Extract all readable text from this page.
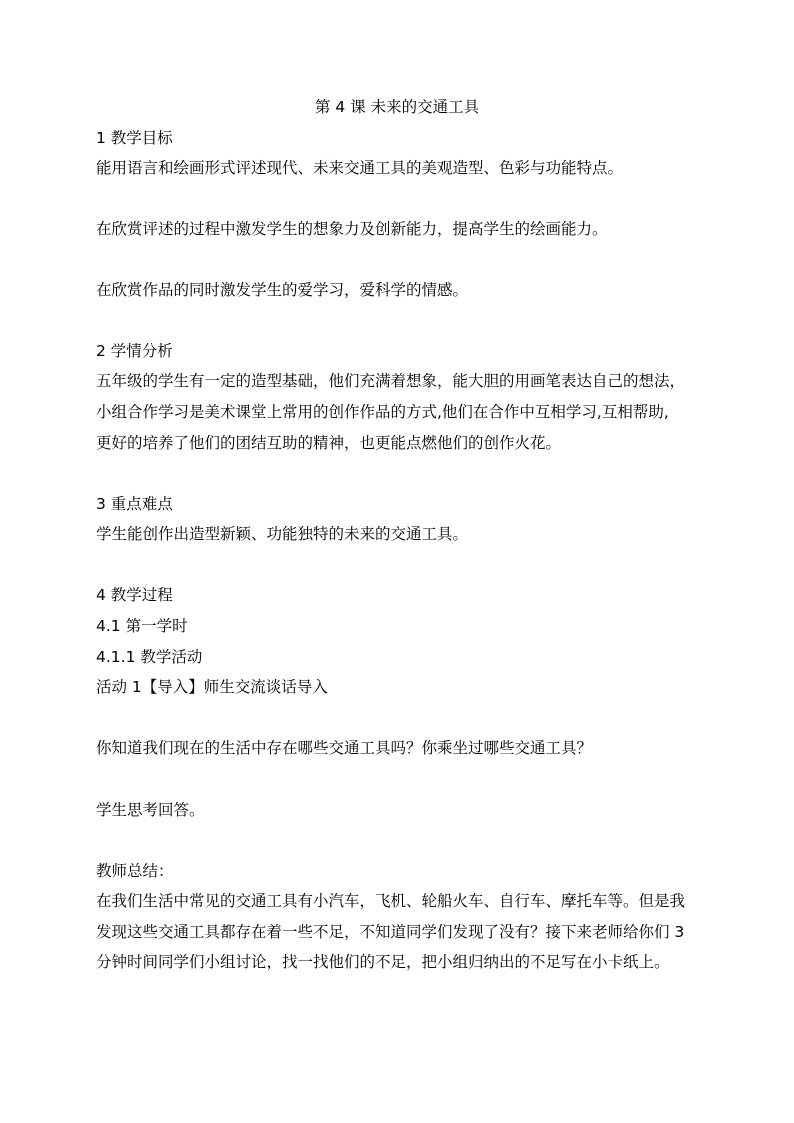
第 4 课 未来的交通工具
1 教学目标
能用语言和绘画形式评述现代、未来交通工具的美观造型、色彩与功能特点。
在欣赏评述的过程中激发学生的想象力及创新能力，提高学生的绘画能力。
在欣赏作品的同时激发学生的爱学习，爱科学的情感。
2 学情分析
五年级的学生有一定的造型基础，他们充满着想象，能大胆的用画笔表达自己的想法，
小组合作学习是美术课堂上常用的创作作品的方式,他们在合作中互相学习,互相帮助,
更好的培养了他们的团结互助的精神，也更能点燃他们的创作火花。
3 重点难点
学生能创作出造型新颖、功能独特的未来的交通工具。
4 教学过程
4.1 第一学时
4.1.1 教学活动
活动 1【导入】师生交流谈话导入
你知道我们现在的生活中存在哪些交通工具吗？你乘坐过哪些交通工具？
学生思考回答。
教师总结：
在我们生活中常见的交通工具有小汽车，飞机、轮船火车、自行车、摩托车等。但是我
发现这些交通工具都存在着一些不足，不知道同学们发现了没有？接下来老师给你们 3
分钟时间同学们小组讨论，找一找他们的不足，把小组归纳出的不足写在小卡纸上。
